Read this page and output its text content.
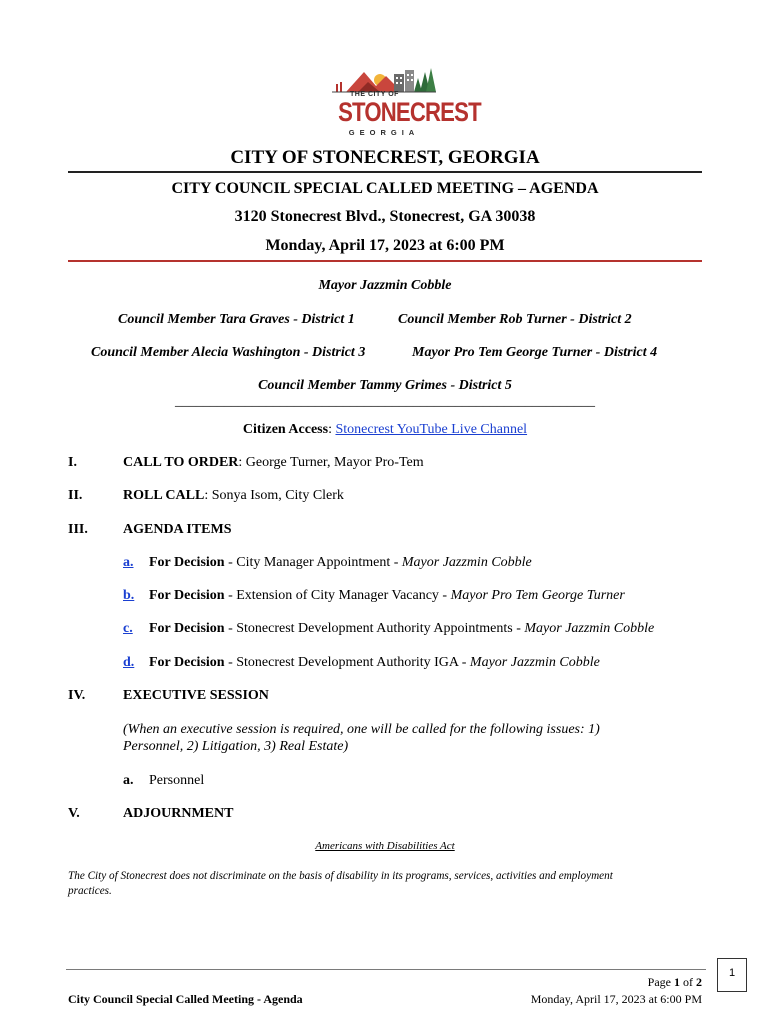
THE CITY OF
STONECREST
GEORGIA
CITY OF STONECREST, GEORGIA
CITY COUNCIL SPECIAL CALLED MEETING – AGENDA
3120 Stonecrest Blvd., Stonecrest, GA 30038
Monday, April 17, 2023 at 6:00 PM
Mayor Jazzmin Cobble
Council Member Tara Graves - District 1	Council Member Rob Turner - District 2
Council Member Alecia Washington - District 3	Mayor Pro Tem George Turner - District 4
Council Member Tammy Grimes - District 5
____________________________________________________________
Citizen Access: Stonecrest YouTube Live Channel
I.	CALL TO ORDER: George Turner, Mayor Pro-Tem
II.	ROLL CALL: Sonya Isom, City Clerk
III.	AGENDA ITEMS
a. For Decision - City Manager Appointment - Mayor Jazzmin Cobble
b. For Decision - Extension of City Manager Vacancy - Mayor Pro Tem George Turner
c. For Decision - Stonecrest Development Authority Appointments - Mayor Jazzmin Cobble
d. For Decision - Stonecrest Development Authority IGA - Mayor Jazzmin Cobble
IV.	EXECUTIVE SESSION
(When an executive session is required, one will be called for the following issues: 1)
Personnel, 2) Litigation, 3) Real Estate)
a. Personnel
V.	ADJOURNMENT
Americans with Disabilities Act
The City of Stonecrest does not discriminate on the basis of disability in its programs, services, activities and employment
practices.
Page 1 of 2
City Council Special Called Meeting - Agenda	Monday, April 17, 2023 at 6:00 PM
1
